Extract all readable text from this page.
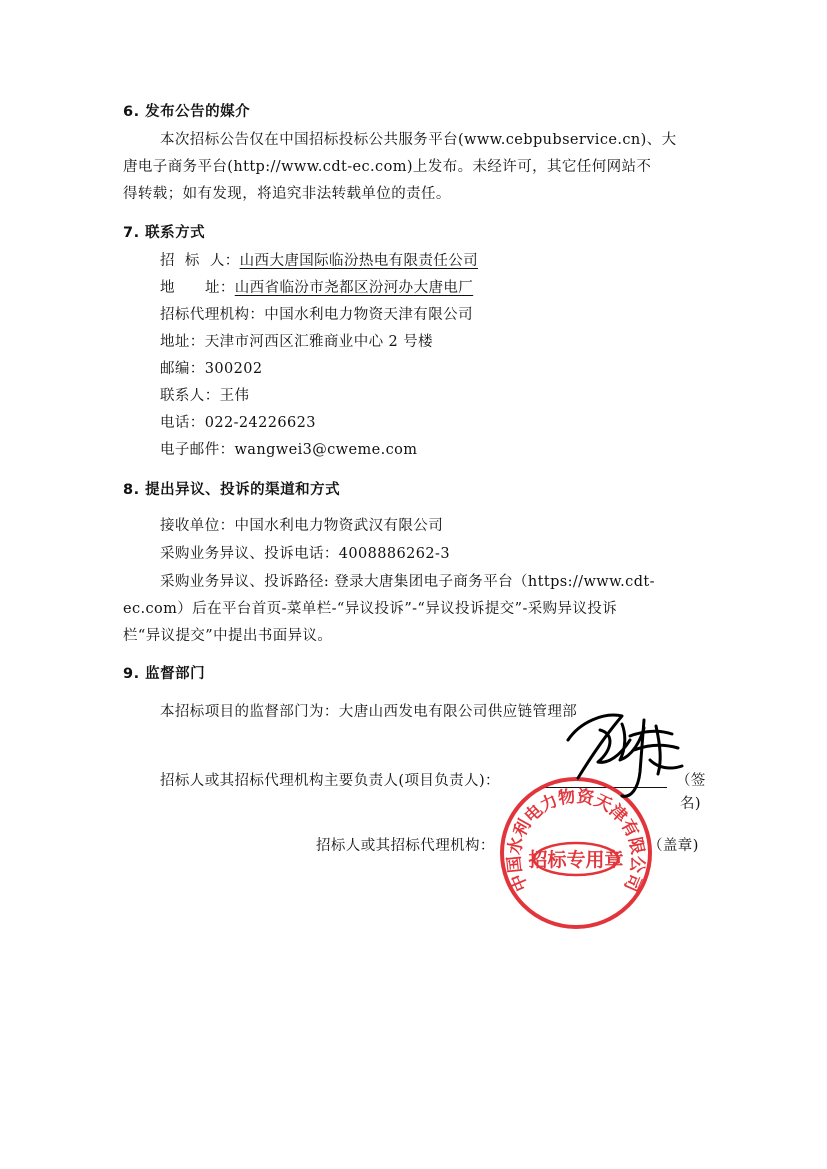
6. 发布公告的媒介
本次招标公告仅在中国招标投标公共服务平台(www.cebpubservice.cn)、大
唐电子商务平台(http://www.cdt-ec.com)上发布。未经许可，其它任何网站不
得转载；如有发现，将追究非法转载单位的责任。
7. 联系方式
招  标  人：山西大唐国际临汾热电有限责任公司
地      址：山西省临汾市尧都区汾河办大唐电厂
招标代理机构：中国水利电力物资天津有限公司
地址：天津市河西区汇雅商业中心 2 号楼
邮编：300202
联系人：王伟
电话：022-24226623
电子邮件：wangwei3@cweme.com
8. 提出异议、投诉的渠道和方式
接收单位：中国水利电力物资武汉有限公司
采购业务异议、投诉电话：4008886262-3
采购业务异议、投诉路径: 登录大唐集团电子商务平台（https://www.cdt-
ec.com）后在平台首页-菜单栏-“异议投诉”-“异议投诉提交”-采购异议投诉
栏“异议提交”中提出书面异议。
9. 监督部门
本招标项目的监督部门为：大唐山西发电有限公司供应链管理部
招标人或其招标代理机构主要负责人(项目负责人)：	（签
名)
招标人或其招标代理机构：	（盖章)
中国水利电力物资天津有限公司
招标专用章
